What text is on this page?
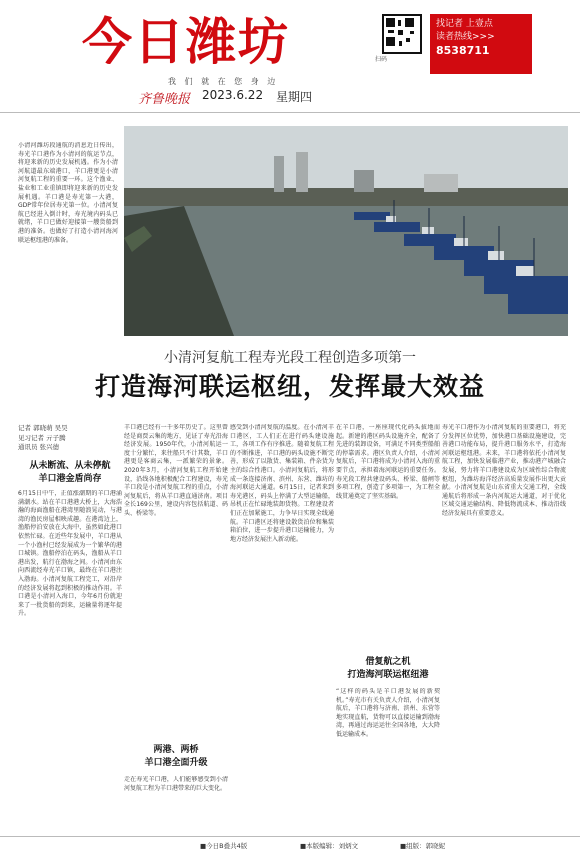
今日潍坊
我 们 就 在 您 身 边
齐鲁晚报 2023.6.22 星期四
扫码
找记者 上壹点
读者热线>>>
8538711
小清河潍坊段通航的消息近日传出，寿光羊口港作为小清河的航运节点，将迎来新的历史发展机遇。作为小清河航道最东端港口，羊口港更是小清河复航工程的重要一环。这个渔业、盐业和工业重镇即将迎来新的历史发展机遇。羊口港是寿光第一大港，GDP常年位居寿光第一位。小清河复航已经进入倒计时，寿光境内码头已就绪，羊口已做好迎接第一艘货船到港的准备。也做好了打造小清河海河联运枢纽港的准备。
小清河复航工程寿光段工程创造多项第一
打造海河联运枢纽，发挥最大效益
记者 郭晓萌 吴昊
见习记者 亓子腾
通讯员 张兴德
从未断流、从未停航
羊口港金盾尚存
6月15日中午，正值涨潮期的羊口港涌满潮水。站在羊口港港大桥上，大海浩瀚的海面渔船在港湾里随浪晃动，与港湾的渔民房屋相映成趣。在港湾边上，渔船停泊安放在大海中，虽然如此港口依然忙碌。在近些年发展中，羊口港从一个小渔村已经发展成为一个繁华的港口城镇。渔船停泊在码头，渔船从羊口港出发，航行在渤海之间。小清河由东向西流经寿光羊口镇，最终在羊口港注入渤海。小清河复航工程完工，对沿岸的经济发展将起到积极的推动作用。羊口港是小清河入海口，今年6月份就迎来了一批货船的到来，运输量将逐年提升。
羊口港已经有一千多年历史了。这里曾经是商贾云集的地方，见证了寿光沿海经济发展。1950年代，小清河航运一度十分繁忙，来往船只不计其数，羊口港更是客商云集，一派繁荣的景象。2020年3月，小清河复航工程开始建设，沿线各地积极配合工程建设，寿光羊口段是小清河复航工程的重点，小清河复航后，将从羊口港直通济南。项目全长169公里，建设内容包括航道、码头、桥梁等。
两港、两桥
羊口港全面升级
走在寿光羊口港，人们能够感受到小清河复航工程为羊口港带来的巨大变化。
感受到小清河复航的温度。在小清河羊口港区，工人们正在进行码头建设施工，各项工作有序推进。随着复航工程的不断推进，羊口港的码头设施不断完善，形成了以散货、集装箱、件杂货为主的综合性港口。小清河复航后，将形成一条连接济南、滨州、东营、潍坊的海河联运大通道。6月15日，记者来到寿光港区，码头上停满了大型运输船，吊机正在忙碌地装卸货物。工程建设者们正在加紧施工，力争早日实现全线通航。羊口港区还将建设散货泊位和集装箱泊位，进一步提升港口运输能力，为地方经济发展注入新动能。
在羊口港，一座座现代化码头拔地而起。新建的港区码头设施齐全，配备了先进的装卸设备，可满足不同类型船舶的停靠需求。港区负责人介绍，小清河复航后，羊口港将成为小清河入海的重要节点，承担着海河联运的重要任务。寿光段工程共建设码头、桥梁、船闸等多项工程，创造了多项第一，为工程全线贯通奠定了坚实基础。
借复航之机
打造海河联运枢纽港
“这样的码头是羊口港发展的新契机。”寿光市有关负责人介绍，小清河复航后，羊口港将与济南、滨州、东营等地实现直航，货物可以直接运输到渤海湾，再通过海运运往全国各地，大大降低运输成本。
寿光羊口港作为小清河复航的重要港口，将充分发挥区位优势，加快港口基础设施建设，完善港口功能布局，提升港口服务水平，打造海河联运枢纽港。未来，羊口港将依托小清河复航工程，加快发展临港产业，推动港产城融合发展，努力将羊口港建设成为区域性综合物流枢纽，为潍坊海洋经济高质量发展作出更大贡献。小清河复航是山东省重大交通工程，全线通航后将形成一条内河航运大通道，对于优化区域交通运输结构、降低物流成本、推动沿线经济发展具有重要意义。
■今日B叠共4版	■本版编辑：刘炳文	■组版：郭晓妮
